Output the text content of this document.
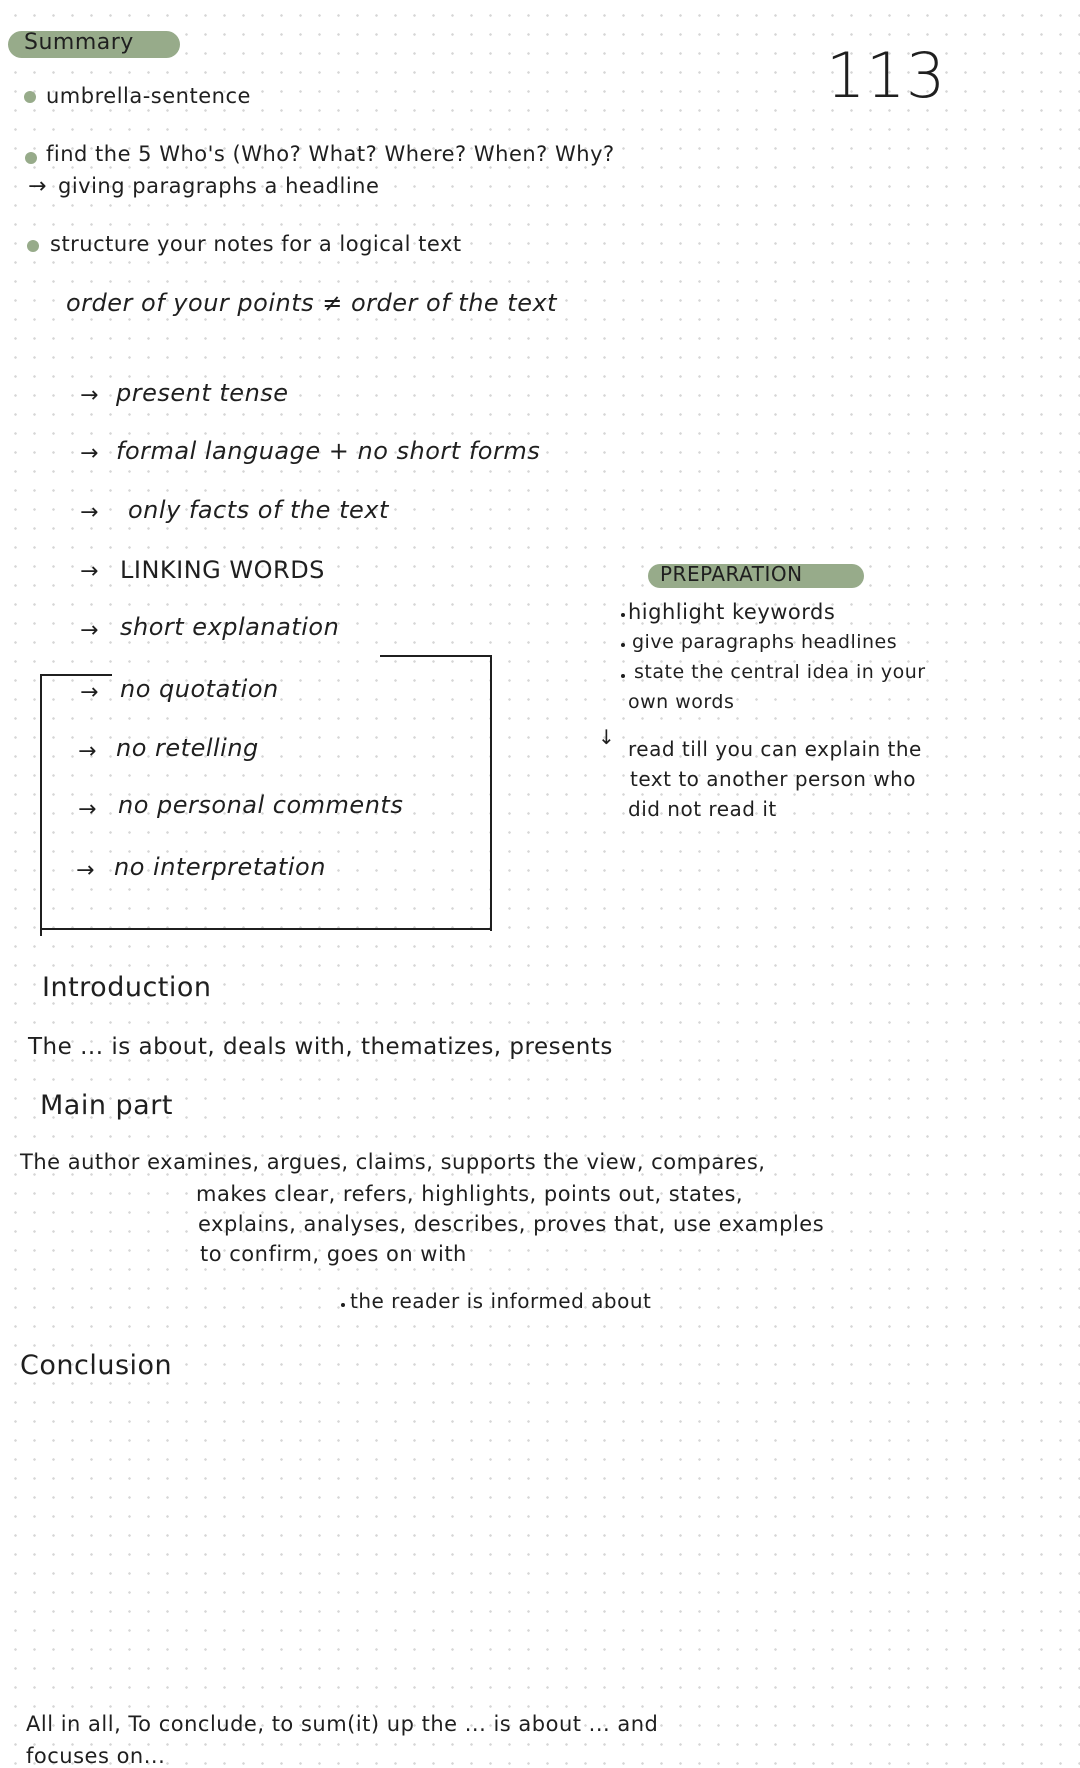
Summary	113
umbrella-sentence
find the 5 Who's (Who? What? Where? When? Why?
→ giving paragraphs a headline
structure your notes for a logical text
order of your points ≠ order of the text
→ present tense
→ formal language + no short forms
→ only facts of the text
→ LINKING WORDS
→ short explanation
→ no quotation
→ no retelling
→ no personal comments
→ no interpretation
PREPARATION
highlight keywords
give paragraphs headlines
state the central idea in your
own words
↓ read till you can explain the
text to another person who
did not read it
Introduction
The ... is about, deals with, thematizes, presents
Main part
The author examines, argues, claims, supports the view, compares,
makes clear, refers, highlights, points out, states,
explains, analyses, describes, proves that, use examples
to confirm, goes on with
the reader is informed about
Conclusion
All in all, To conclude, to sum(it) up the ... is about ... and
focuses on...
